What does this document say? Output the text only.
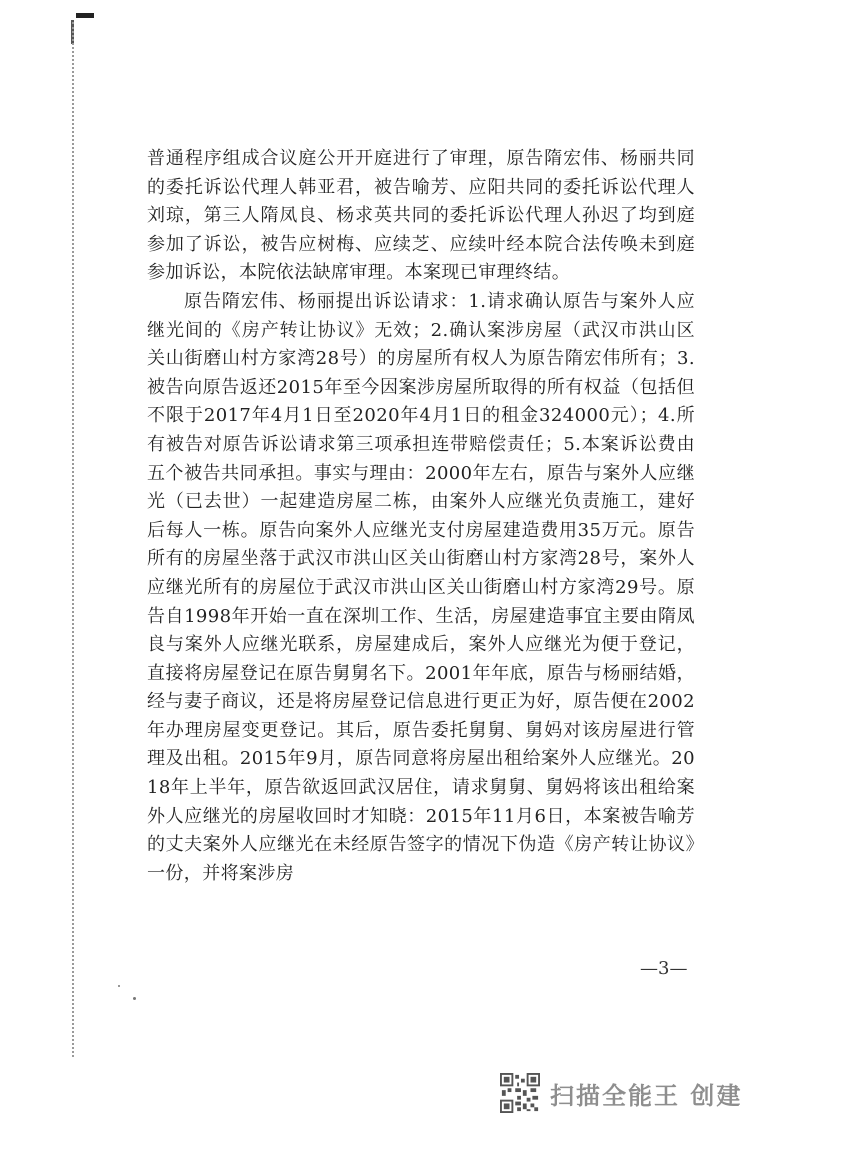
普通程序组成合议庭公开开庭进行了审理，原告隋宏伟、杨丽共同的委托诉讼代理人韩亚君，被告喻芳、应阳共同的委托诉讼代理人刘琼，第三人隋凤良、杨求英共同的委托诉讼代理人孙迟了均到庭参加了诉讼，被告应树梅、应续芝、应续叶经本院合法传唤未到庭参加诉讼，本院依法缺席审理。本案现已审理终结。

原告隋宏伟、杨丽提出诉讼请求：1.请求确认原告与案外人应继光间的《房产转让协议》无效；2.确认案涉房屋（武汉市洪山区关山街磨山村方家湾28号）的房屋所有权人为原告隋宏伟所有；3.被告向原告返还2015年至今因案涉房屋所取得的所有权益（包括但不限于2017年4月1日至2020年4月1日的租金324000元）；4.所有被告对原告诉讼请求第三项承担连带赔偿责任；5.本案诉讼费由五个被告共同承担。事实与理由：2000年左右，原告与案外人应继光（已去世）一起建造房屋二栋，由案外人应继光负责施工，建好后每人一栋。原告向案外人应继光支付房屋建造费用35万元。原告所有的房屋坐落于武汉市洪山区关山街磨山村方家湾28号，案外人应继光所有的房屋位于武汉市洪山区关山街磨山村方家湾29号。原告自1998年开始一直在深圳工作、生活，房屋建造事宜主要由隋凤良与案外人应继光联系，房屋建成后，案外人应继光为便于登记，直接将房屋登记在原告舅舅名下。2001年年底，原告与杨丽结婚，经与妻子商议，还是将房屋登记信息进行更正为好，原告便在2002年办理房屋变更登记。其后，原告委托舅舅、舅妈对该房屋进行管理及出租。2015年9月，原告同意将房屋出租给案外人应继光。2018年上半年，原告欲返回武汉居住，请求舅舅、舅妈将该出租给案外人应继光的房屋收回时才知晓：2015年11月6日，本案被告喻芳的丈夫案外人应继光在未经原告签字的情况下伪造《房产转让协议》一份，并将案涉房

—3—
扫描全能王 创建
